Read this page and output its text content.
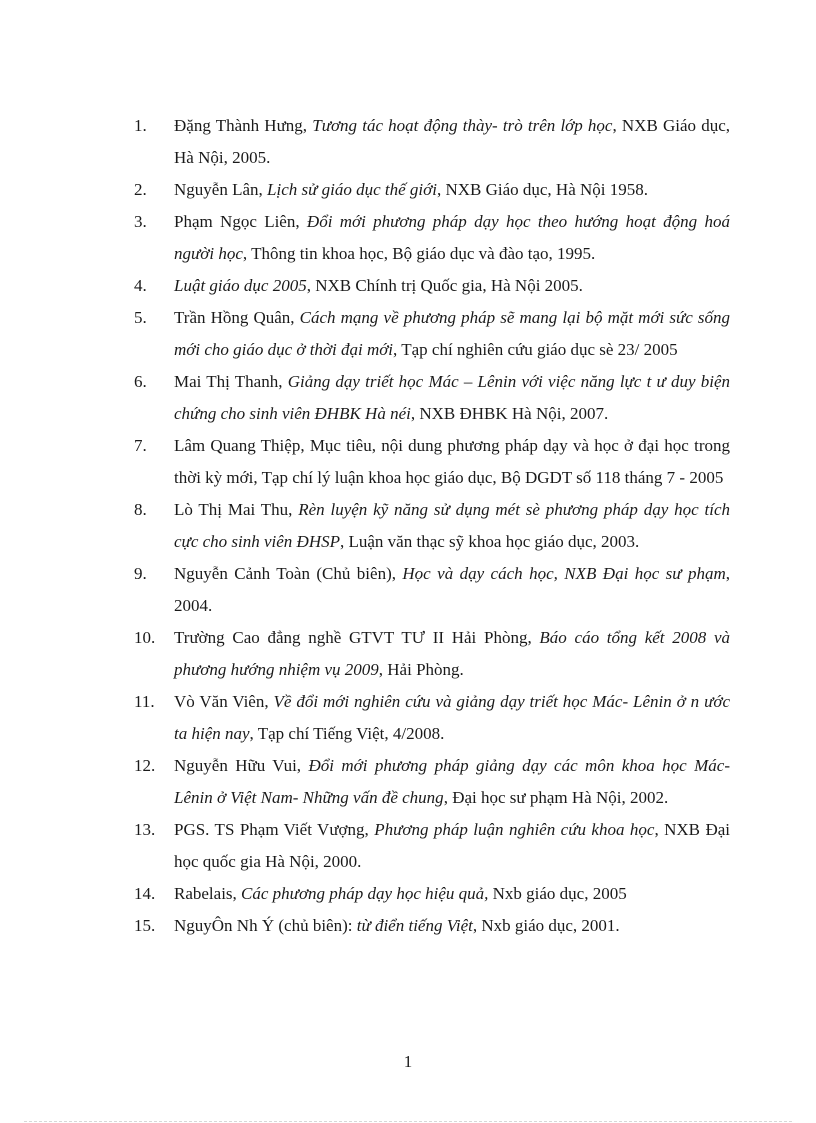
1. Đặng Thành Hưng, Tương tác hoạt động thày- trò trên lớp học, NXB Giáo dục, Hà Nội, 2005.
2. Nguyễn Lân, Lịch sử giáo dục thế giới, NXB Giáo dục, Hà Nội 1958.
3. Phạm Ngọc Liên, Đổi mới phương pháp dạy học theo hướng hoạt động hoá người học, Thông tin khoa học, Bộ giáo dục và đào tạo, 1995.
4. Luật giáo dục 2005, NXB Chính trị Quốc gia, Hà Nội 2005.
5. Trần Hồng Quân, Cách mạng về phương pháp sẽ mang lại bộ mặt mới sức sống mới cho giáo dục ở thời đại mới, Tạp chí nghiên cứu giáo dục sè 23/ 2005
6. Mai Thị Thanh, Giảng dạy triết học Mác – Lênin với việc năng lực t ư duy biện chứng cho sinh viên ĐHBK Hà néi, NXB ĐHBK Hà Nội, 2007.
7. Lâm Quang Thiệp, Mục tiêu, nội dung phương pháp dạy và học ở đại học trong thời kỳ mới, Tạp chí lý luận khoa học giáo dục, Bộ DGDT số 118 tháng 7 - 2005
8. Lò Thị Mai Thu, Rèn luyện kỹ năng sử dụng mét sè phương pháp dạy học tích cực cho sinh viên ĐHSP, Luận văn thạc sỹ khoa học giáo dục, 2003.
9. Nguyễn Cảnh Toàn (Chủ biên), Học và dạy cách học, NXB Đại học sư phạm, 2004.
10. Trường Cao đẳng nghề GTVT TƯ II Hải Phòng, Báo cáo tổng kết 2008 và phương hướng nhiệm vụ 2009, Hải Phòng.
11. Vò Văn Viên, Về đổi mới nghiên cứu và giảng dạy triết học Mác- Lênin ở n ước ta hiện nay, Tạp chí Tiếng Việt, 4/2008.
12. Nguyễn Hữu Vui, Đổi mới phương pháp giảng dạy các môn khoa học Mác- Lênin ở Việt Nam- Những vấn đề chung, Đại học sư phạm Hà Nội, 2002.
13. PGS. TS Phạm Viết Vượng, Phương pháp luận nghiên cứu khoa học, NXB Đại học quốc gia Hà Nội, 2000.
14. Rabelais, Các phương pháp dạy học hiệu quả, Nxb giáo dục, 2005
15. NguyÔn Nh Ý (chủ biên): từ điển tiếng Việt, Nxb giáo dục, 2001.
1
